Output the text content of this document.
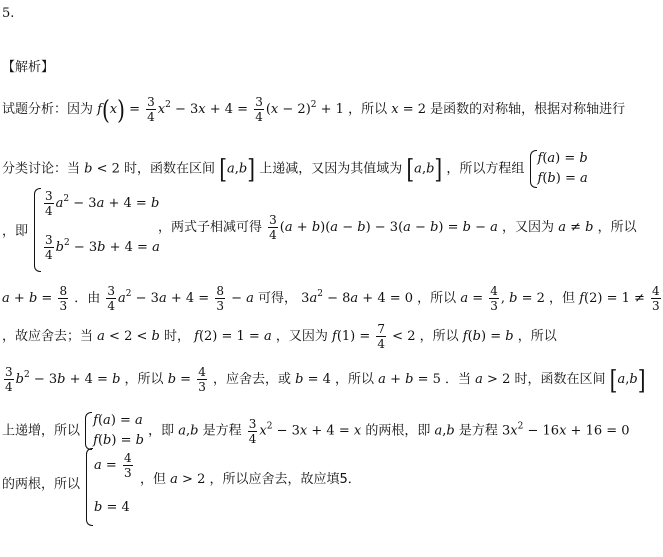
5.
【解析】
试题分析：因为 $f(x) = \frac{3}{4} x^2 - 3x + 4 = \frac{3}{4} (x - 2)^2 + 1$ ，所以 x = 2 是函数的对称轴，根据对称轴进行
分类讨论：当 b < 2 时，函数在区间 [a,b] 上递减，又因为其值域为 [a,b] ，所以方程组
f(a) = b
f(b) = a
$\frac{3}{4} a^2 - 3a + 4 = b$
$\frac{3}{4} b^2 - 3b + 4 = a$
，即	，两式子相减可得 $\frac{3}{4} (a + b)(a - b) - 3(a - b) = b - a$ ，又因为 a ≠ b ，所以
$a + b = \frac{8}{3}$ ．由 $\frac{3}{4} a^2 - 3a + 4 = \frac{8}{3} - a$ 可得， $3a^2 - 8a + 4 = 0$ ，所以 $a = \frac{4}{3}$ , b = 2 ，但 $f(2) = 1 \ne \frac{4}{3}$
，故应舍去；当 a < 2 < b 时， f(2) = 1 = a ，又因为 $f(1) = \frac{7}{4} < 2$ ，所以 f(b) = b ，所以
$\frac{3}{4} b^2 - 3b + 4 = b$ ，所以 $b = \frac{4}{3}$ ，应舍去，或 b = 4 ，所以 a + b = 5 ．当 a > 2 时，函数在区间 [a,b]
上递增，所以
f(a) = a
f(b) = b
，即 a,b 是方程 $\frac{3}{4} x^2 - 3x + 4 = x$ 的两根，即 a,b 是方程 $3x^2 - 16x + 16 = 0$
的两根，所以
$a = \frac{4}{3}$
b = 4
，但 a > 2 ，所以应舍去，故应填5．
